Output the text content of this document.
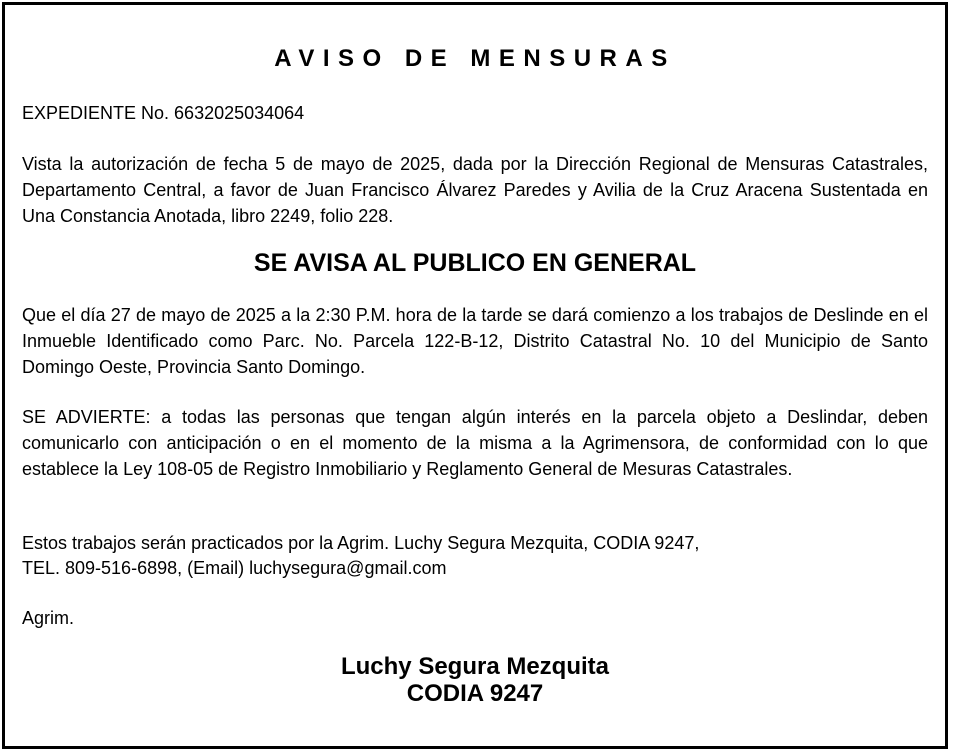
AVISO DE MENSURAS
EXPEDIENTE No. 6632025034064
Vista la autorización de fecha 5 de mayo de 2025, dada por la Dirección Regional de Mensuras Catastrales, Departamento Central, a favor de Juan Francisco Álvarez Paredes y Avilia de la Cruz Aracena Sustentada en Una Constancia Anotada, libro 2249, folio 228.
SE AVISA AL PUBLICO EN GENERAL
Que el día 27 de mayo de 2025 a la 2:30 P.M. hora de la tarde se dará comienzo a los trabajos de Deslinde en el Inmueble Identificado como Parc. No. Parcela 122-B-12, Distrito Catastral No. 10 del Municipio de Santo Domingo Oeste, Provincia Santo Domingo.
SE ADVIERTE: a todas las personas que tengan algún interés en la parcela objeto a Deslindar, deben comunicarlo con anticipación o en el momento de la misma a la Agrimensora, de conformidad con lo que establece la Ley 108-05 de Registro Inmobiliario y Reglamento General de Mesuras Catastrales.
Estos trabajos serán practicados por la Agrim. Luchy Segura Mezquita, CODIA 9247,
TEL. 809-516-6898, (Email) luchysegura@gmail.com
Agrim.
Luchy Segura Mezquita
CODIA 9247
